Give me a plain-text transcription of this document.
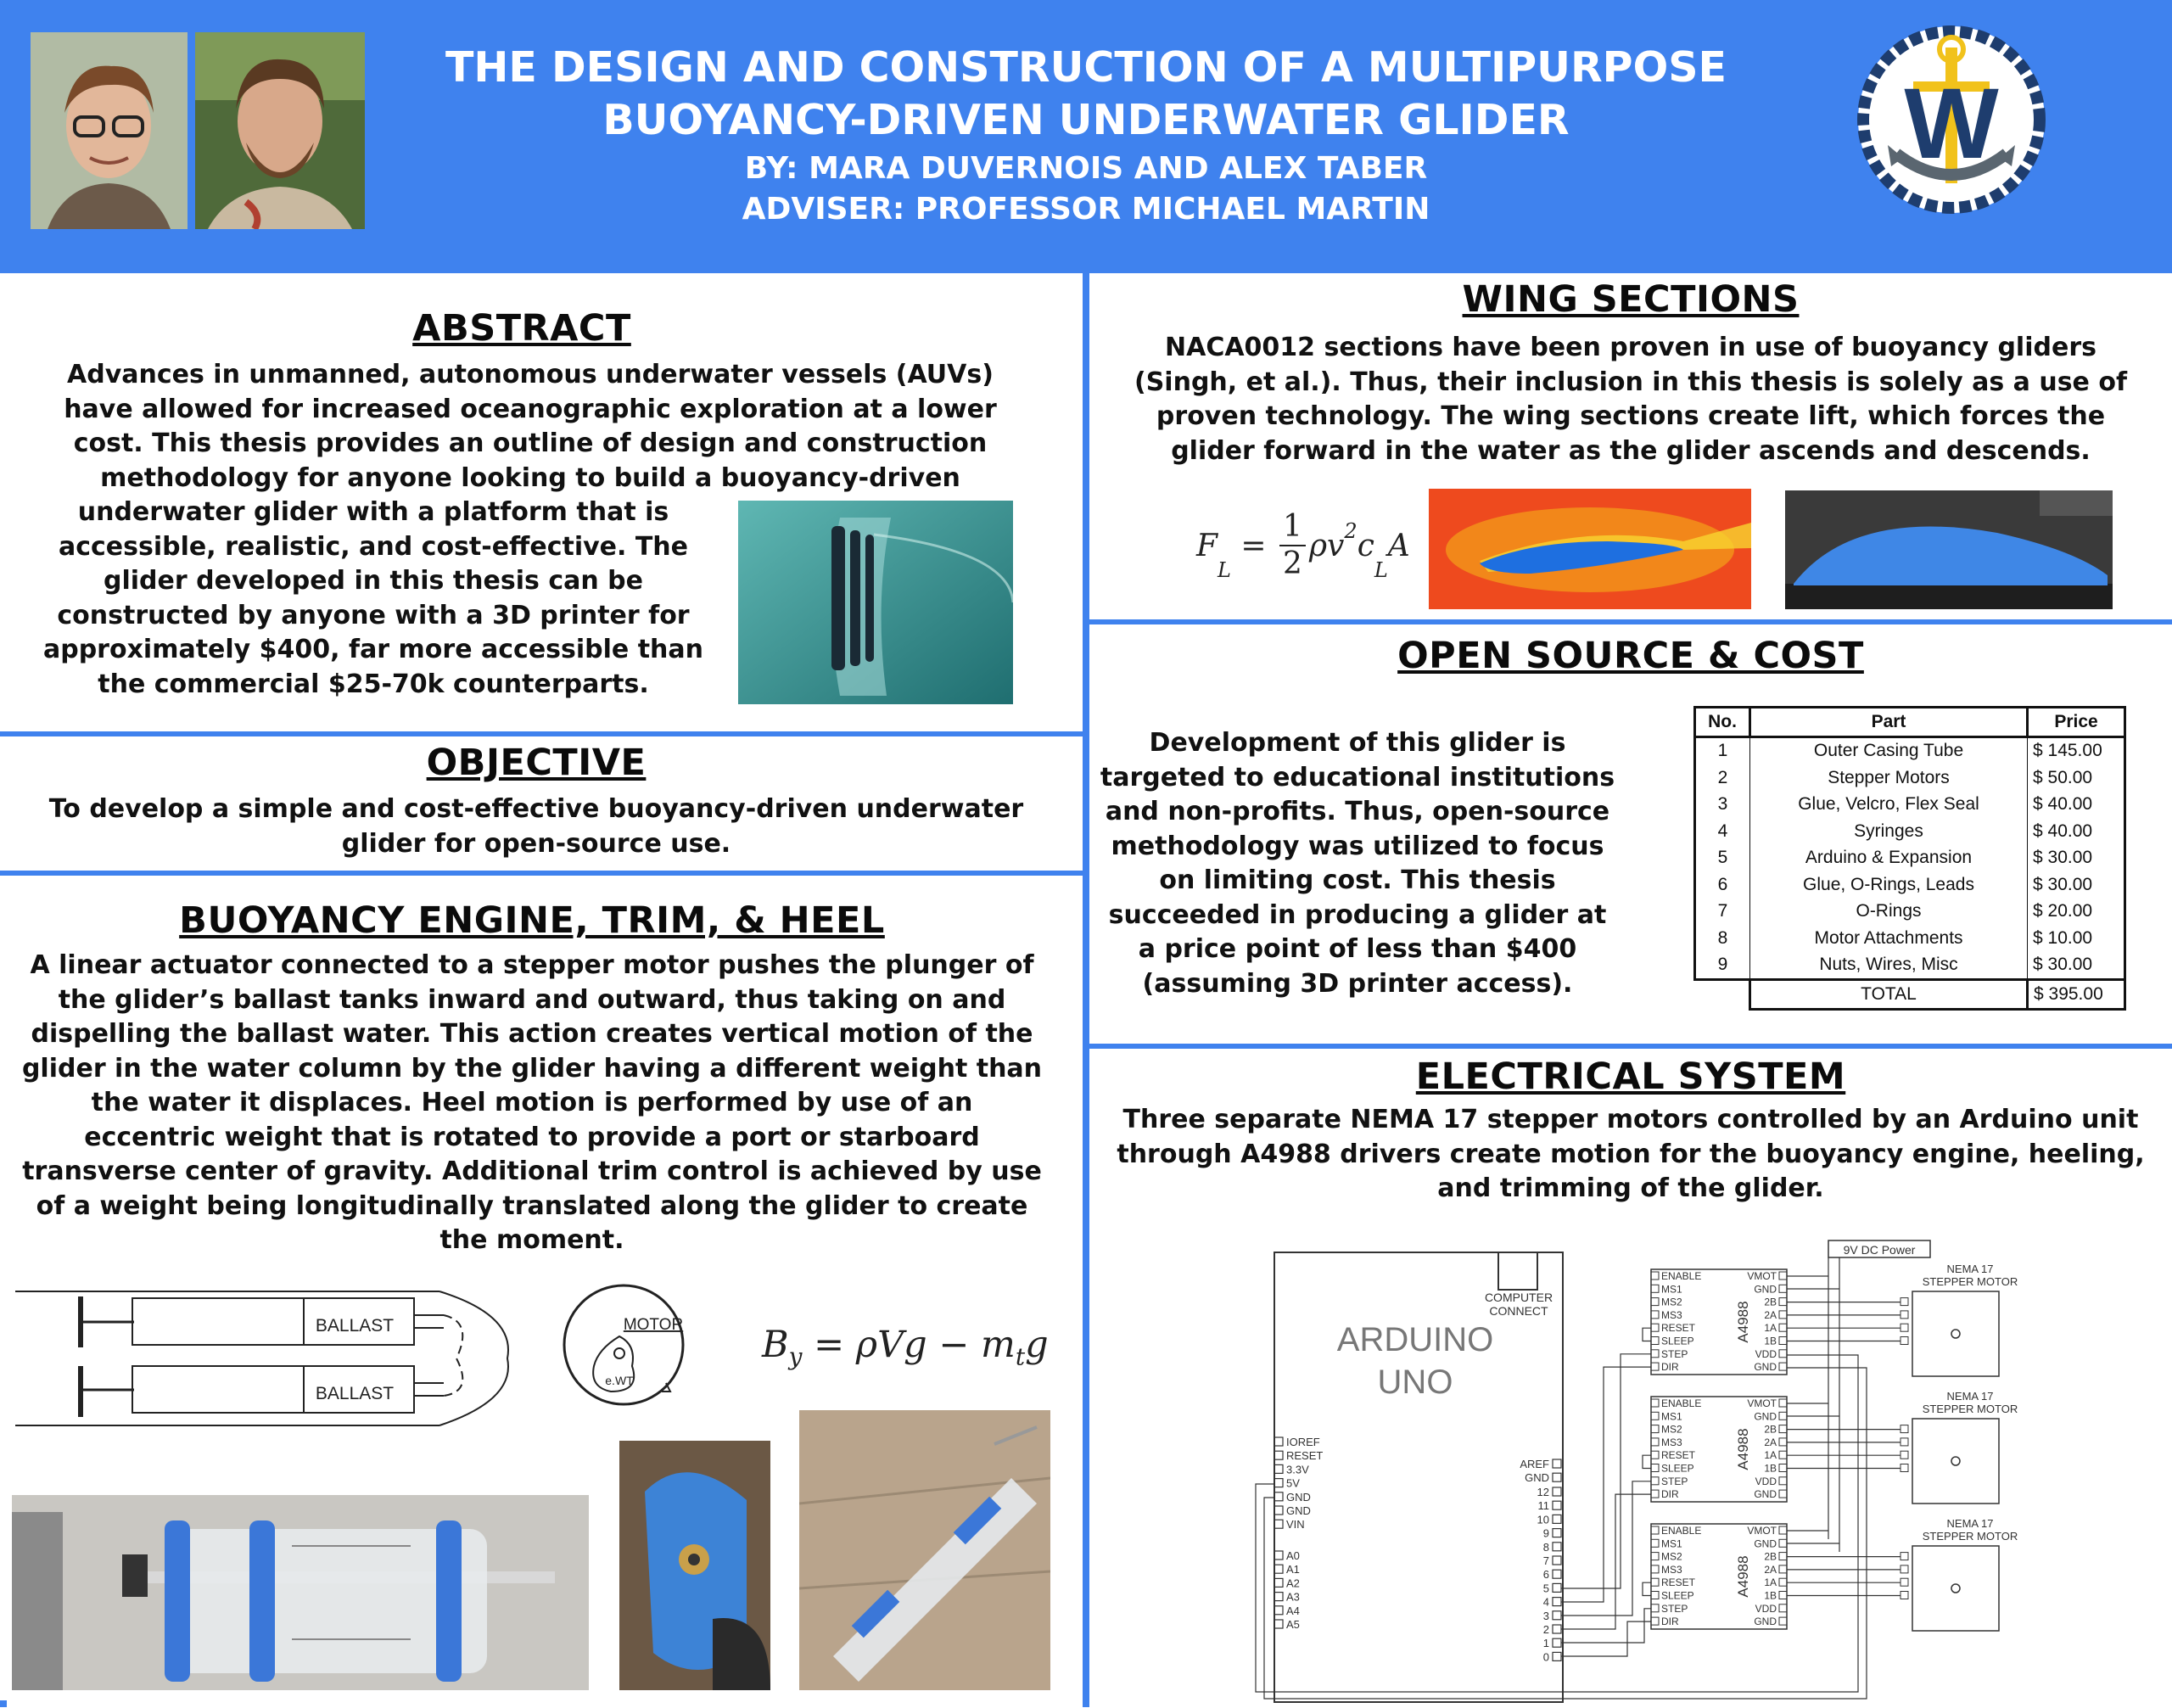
THE DESIGN AND CONSTRUCTION OF A MULTIPURPOSE
BUOYANCY-DRIVEN UNDERWATER GLIDER
BY: MARA DUVERNOIS AND ALEX TABER
ADVISER: PROFESSOR MICHAEL MARTIN
W
ABSTRACT
Advances in unmanned, autonomous underwater vessels (AUVs)
have allowed for increased oceanographic exploration at a lower
cost. This thesis provides an outline of design and construction
methodology for anyone looking to build a buoyancy-driven
underwater glider with a platform that is
accessible, realistic, and cost-effective. The
glider developed in this thesis can be
constructed by anyone with a 3D printer for
approximately $400, far more accessible than
the commercial $25-70k counterparts.
OBJECTIVE
To develop a simple and cost-effective buoyancy-driven underwater
glider for open-source use.
BUOYANCY ENGINE, TRIM, & HEEL
A linear actuator connected to a stepper motor pushes the plunger of
the glider’s ballast tanks inward and outward, thus taking on and
dispelling the ballast water. This action creates vertical motion of the
glider in the water column by the glider having a different weight than
the water it displaces. Heel motion is performed by use of an
eccentric weight that is rotated to provide a port or starboard
transverse center of gravity. Additional trim control is achieved by use
of a weight being longitudinally translated along the glider to create
the moment.
BALLAST
BALLAST
MOTOR
e.WT
$B_y = \rho Vg - m_tg$
WING SECTIONS
NACA0012 sections have been proven in use of buoyancy gliders
(Singh, et al.). Thus, their inclusion in this thesis is solely as a use of
proven technology. The wing sections create lift, which forces the
glider forward in the water as the glider ascends and descends.
F
$_L$
= $\frac{1}{2} \rho v^2$ c
$_L$
A
OPEN SOURCE & COST
Development of this glider is
targeted to educational institutions
and non-profits. Thus, open-source
methodology was utilized to focus
on limiting cost. This thesis
succeeded in producing a glider at
a price point of less than $400
(assuming 3D printer access).
No.	Part	Price
1	Outer Casing Tube	$ 145.00
2	Stepper Motors	$ 50.00
3	Glue, Velcro, Flex Seal	$ 40.00
4	Syringes	$ 40.00
5	Arduino & Expansion	$ 30.00
6	Glue, O-Rings, Leads	$ 30.00
7	O-Rings	$ 20.00
8	Motor Attachments	$ 10.00
9	Nuts, Wires, Misc	$ 30.00
	TOTAL	$ 395.00
ELECTRICAL SYSTEM
Three separate NEMA 17 stepper motors controlled by an Arduino unit
through A4988 drivers create motion for the buoyancy engine, heeling,
and trimming of the glider.
COMPUTER
CONNECT
ARDUINO
UNO
9V DC Power
IOREF
RESET
3.3V
5V
GND
GND
VIN
A0
A1
A2
A3
A4
A5
AREF
GND
12
11
10
9
8
7
6
5
4
3
2
1
0
A4988
ENABLE
MS1
MS2
MS3
RESET
SLEEP
STEP
DIR
VMOT
GND
2B
2A
1A
1B
VDD
GND
NEMA 17
STEPPER MOTOR
A4988
ENABLE
MS1
MS2
MS3
RESET
SLEEP
STEP
DIR
VMOT
GND
2B
2A
1A
1B
VDD
GND
NEMA 17
STEPPER MOTOR
A4988
ENABLE
MS1
MS2
MS3
RESET
SLEEP
STEP
DIR
VMOT
GND
2B
2A
1A
1B
VDD
GND
NEMA 17
STEPPER MOTOR
